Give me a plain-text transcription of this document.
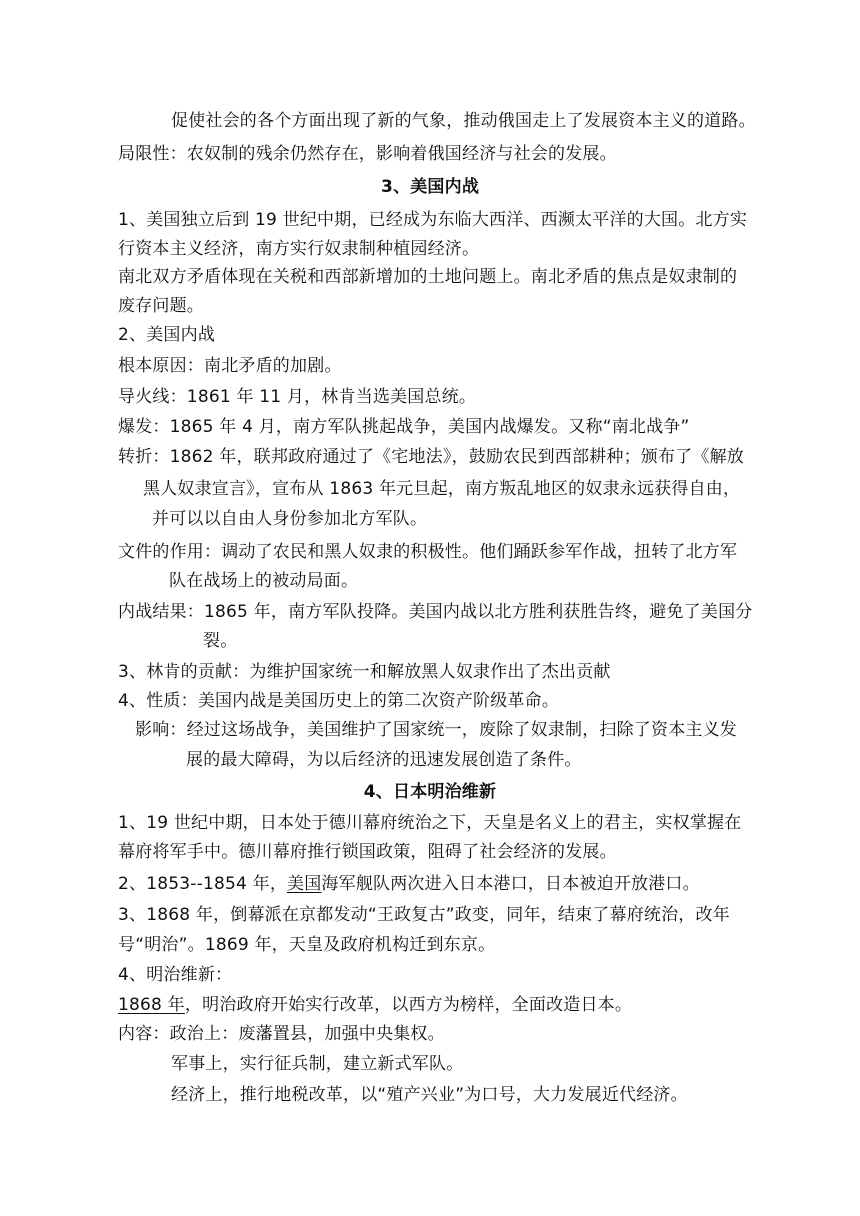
促使社会的各个方面出现了新的气象，推动俄国走上了发展资本主义的道路。
局限性：农奴制的残余仍然存在，影响着俄国经济与社会的发展。
3、美国内战
1、美国独立后到 19 世纪中期，已经成为东临大西洋、西濒太平洋的大国。北方实
行资本主义经济，南方实行奴隶制种植园经济。
南北双方矛盾体现在关税和西部新增加的土地问题上。南北矛盾的焦点是奴隶制的
废存问题。
2、美国内战
根本原因：南北矛盾的加剧。
导火线：1861 年 11 月，林肯当选美国总统。
爆发：1865 年 4 月，南方军队挑起战争，美国内战爆发。又称“南北战争”
转折：1862 年，联邦政府通过了《宅地法》，鼓励农民到西部耕种；颁布了《解放
黑人奴隶宣言》，宣布从 1863 年元旦起，南方叛乱地区的奴隶永远获得自由，
并可以以自由人身份参加北方军队。
文件的作用：调动了农民和黑人奴隶的积极性。他们踊跃参军作战，扭转了北方军
队在战场上的被动局面。
内战结果：1865 年，南方军队投降。美国内战以北方胜利获胜告终，避免了美国分
裂。
3、林肯的贡献：为维护国家统一和解放黑人奴隶作出了杰出贡献
4、性质：美国内战是美国历史上的第二次资产阶级革命。
影响：经过这场战争，美国维护了国家统一，废除了奴隶制，扫除了资本主义发
展的最大障碍，为以后经济的迅速发展创造了条件。
4、日本明治维新
1、19 世纪中期，日本处于德川幕府统治之下，天皇是名义上的君主，实权掌握在
幕府将军手中。德川幕府推行锁国政策，阻碍了社会经济的发展。
2、1853--1854 年，美国海军舰队两次进入日本港口，日本被迫开放港口。
3、1868 年，倒幕派在京都发动“王政复古”政变，同年，结束了幕府统治，改年
号“明治”。1869 年，天皇及政府机构迁到东京。
4、明治维新：
1868 年，明治政府开始实行改革，以西方为榜样，全面改造日本。
内容：政治上：废藩置县，加强中央集权。
军事上，实行征兵制，建立新式军队。
经济上，推行地税改革，以“殖产兴业”为口号，大力发展近代经济。
